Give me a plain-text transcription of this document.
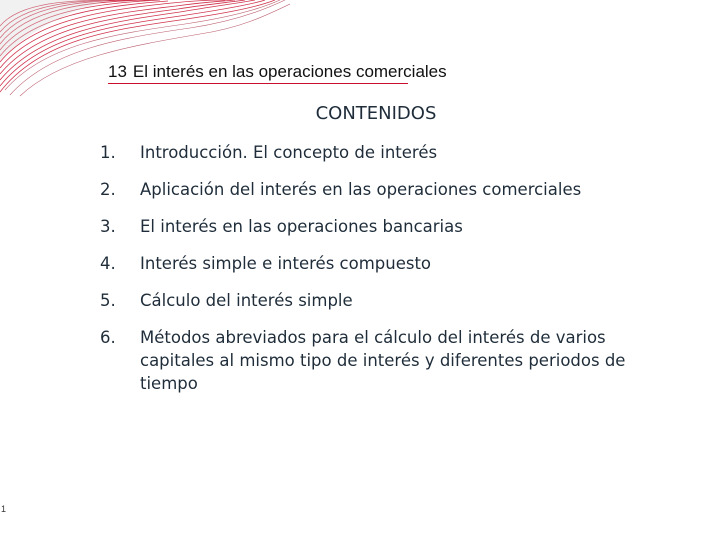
13 El interés en las operaciones comerciales
CONTENIDOS
1.	Introducción. El concepto de interés
2.	Aplicación del interés en las operaciones comerciales
3.	El interés en las operaciones bancarias
4.	Interés simple e interés compuesto
5.	Cálculo del interés simple
6.	Métodos abreviados para el cálculo del interés de varios capitales al mismo tipo de interés y diferentes periodos de tiempo
1
